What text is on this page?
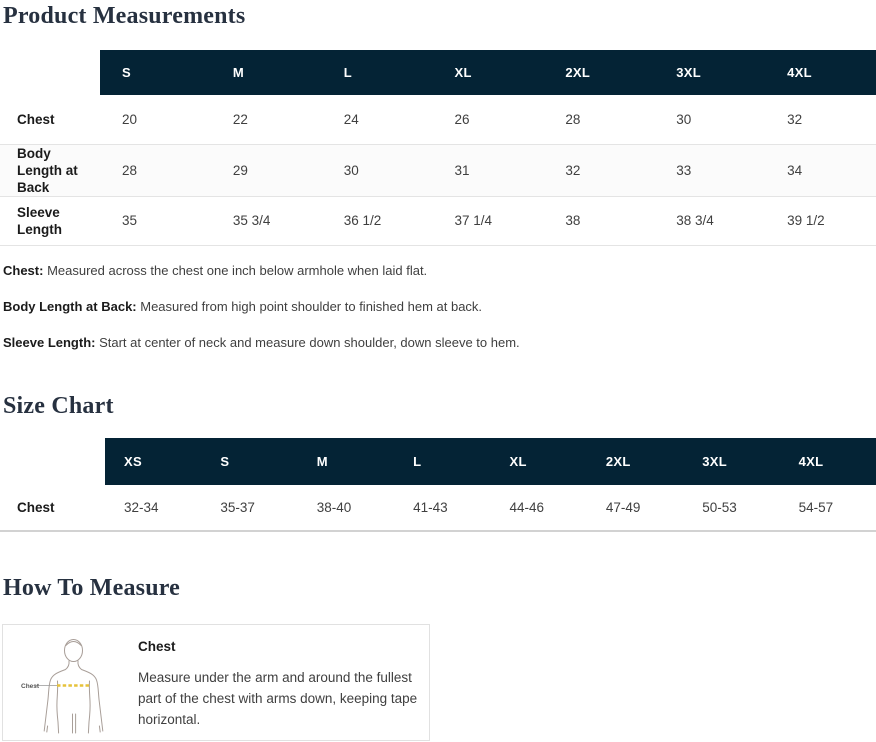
Product Measurements
	S	M	L	XL	2XL	3XL	4XL
Chest	20	22	24	26	28	30	32
Body Length at Back	28	29	30	31	32	33	34
Sleeve Length	35	35 3/4	36 1/2	37 1/4	38	38 3/4	39 1/2

Chest: Measured across the chest one inch below armhole when laid flat.

Body Length at Back: Measured from high point shoulder to finished hem at back.

Sleeve Length: Start at center of neck and measure down shoulder, down sleeve to hem.

Size Chart
	XS	S	M	L	XL	2XL	3XL	4XL
Chest	32-34	35-37	38-40	41-43	44-46	47-49	50-53	54-57
How To Measure
Chest
Chest
Measure under the arm and around the fullest part of the chest with arms down, keeping tape horizontal.
